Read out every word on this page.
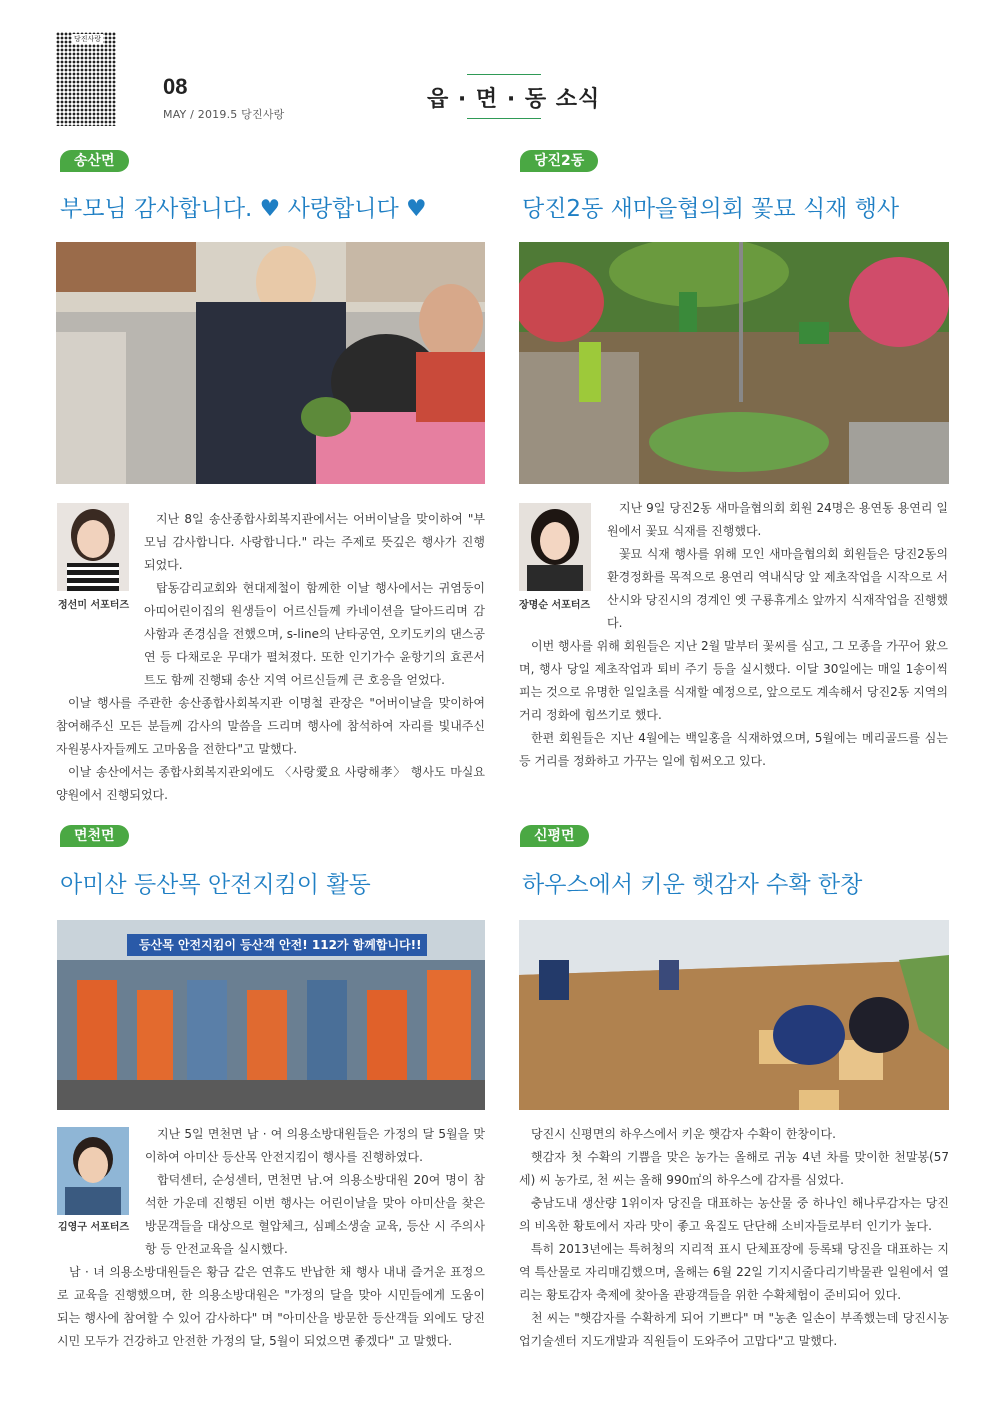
당진사랑
08
MAY / 2019.5 당진사랑
읍 · 면 · 동 소식
송산면
부모님 감사합니다. ♥ 사랑합니다 ♥
정선미 서포터즈

지난 8일 송산종합사회복지관에서는 어버이날을 맞이하여 "부모님 감사합니다. 사랑합니다." 라는 주제로 뜻깊은 행사가 진행되었다.

탑동감리교회와 현대제철이 함께한 이날 행사에서는 귀염둥이 아띠어린이집의 원생들이 어르신들께 카네이션을 달아드리며 감사함과 존경심을 전했으며, s-line의 난타공연, 오키도키의 댄스공연 등 다채로운 무대가 펼쳐졌다. 또한 인기가수 윤항기의 효콘서트도 함께 진행돼 송산 지역 어르신들께 큰 호응을 얻었다.

이날 행사를 주관한 송산종합사회복지관 이명철 관장은 "어버이날을 맞이하여 참여해주신 모든 분들께 감사의 말씀을 드리며 행사에 참석하여 자리를 빛내주신 자원봉사자들께도 고마움을 전한다"고 말했다.

이날 송산에서는 종합사회복지관외에도 〈사랑愛요 사랑해孝〉 행사도 마실요양원에서 진행되었다.

당진2동
당진2동 새마을협의회 꽃묘 식재 행사
장명순 서포터즈

지난 9일 당진2동 새마을협의회 회원 24명은 용연동 용연리 일원에서 꽃묘 식재를 진행했다.

꽃묘 식재 행사를 위해 모인 새마을협의회 회원들은 당진2동의 환경정화를 목적으로 용연리 역내식당 앞 제초작업을 시작으로 서산시와 당진시의 경계인 옛 구룡휴게소 앞까지 식재작업을 진행했다.

이번 행사를 위해 회원들은 지난 2월 말부터 꽃씨를 심고, 그 모종을 가꾸어 왔으며, 행사 당일 제초작업과 퇴비 주기 등을 실시했다. 이달 30일에는 매일 1송이씩 피는 것으로 유명한 일일초를 식재할 예정으로, 앞으로도 계속해서 당진2동 지역의 거리 정화에 힘쓰기로 했다.

한편 회원들은 지난 4월에는 백일홍을 식재하였으며, 5월에는 메리골드를 심는 등 거리를 정화하고 가꾸는 일에 힘써오고 있다.

면천면
아미산 등산목 안전지킴이 활동
등산목 안전지킴이 등산객 안전! 112가 함께합니다!!
김영구 서포터즈

지난 5일 면천면 남 · 여 의용소방대원들은 가정의 달 5월을 맞이하여 아미산 등산목 안전지킴이 행사를 진행하였다.

합덕센터, 순성센터, 면천면 남.여 의용소방대원 20여 명이 참석한 가운데 진행된 이번 행사는 어린이날을 맞아 아미산을 찾은 방문객들을 대상으로 혈압체크, 심폐소생술 교육, 등산 시 주의사항 등 안전교육을 실시했다.

남 · 녀 의용소방대원들은 황금 같은 연휴도 반납한 채 행사 내내 즐거운 표정으로 교육을 진행했으며, 한 의용소방대원은 "가정의 달을 맞아 시민들에게 도움이 되는 행사에 참여할 수 있어 감사하다" 며 "아미산을 방문한 등산객들 외에도 당진시민 모두가 건강하고 안전한 가정의 달, 5월이 되었으면 좋겠다" 고 말했다.

신평면
하우스에서 키운 햇감자 수확 한창

당진시 신평면의 하우스에서 키운 햇감자 수확이 한창이다.

햇감자 첫 수확의 기쁨을 맞은 농가는 올해로 귀농 4년 차를 맞이한 천말봉(57세) 씨 농가로, 천 씨는 올해 990㎡의 하우스에 감자를 심었다.

충남도내 생산량 1위이자 당진을 대표하는 농산물 중 하나인 해나루감자는 당진의 비옥한 황토에서 자라 맛이 좋고 육질도 단단해 소비자들로부터 인기가 높다.

특히 2013년에는 특허청의 지리적 표시 단체표장에 등록돼 당진을 대표하는 지역 특산물로 자리매김했으며, 올해는 6월 22일 기지시줄다리기박물관 일원에서 열리는 황토감자 축제에 찾아올 관광객들을 위한 수확체험이 준비되어 있다.

천 씨는 "햇감자를 수확하게 되어 기쁘다" 며 "농촌 일손이 부족했는데 당진시농업기술센터 지도개발과 직원들이 도와주어 고맙다"고 말했다.
